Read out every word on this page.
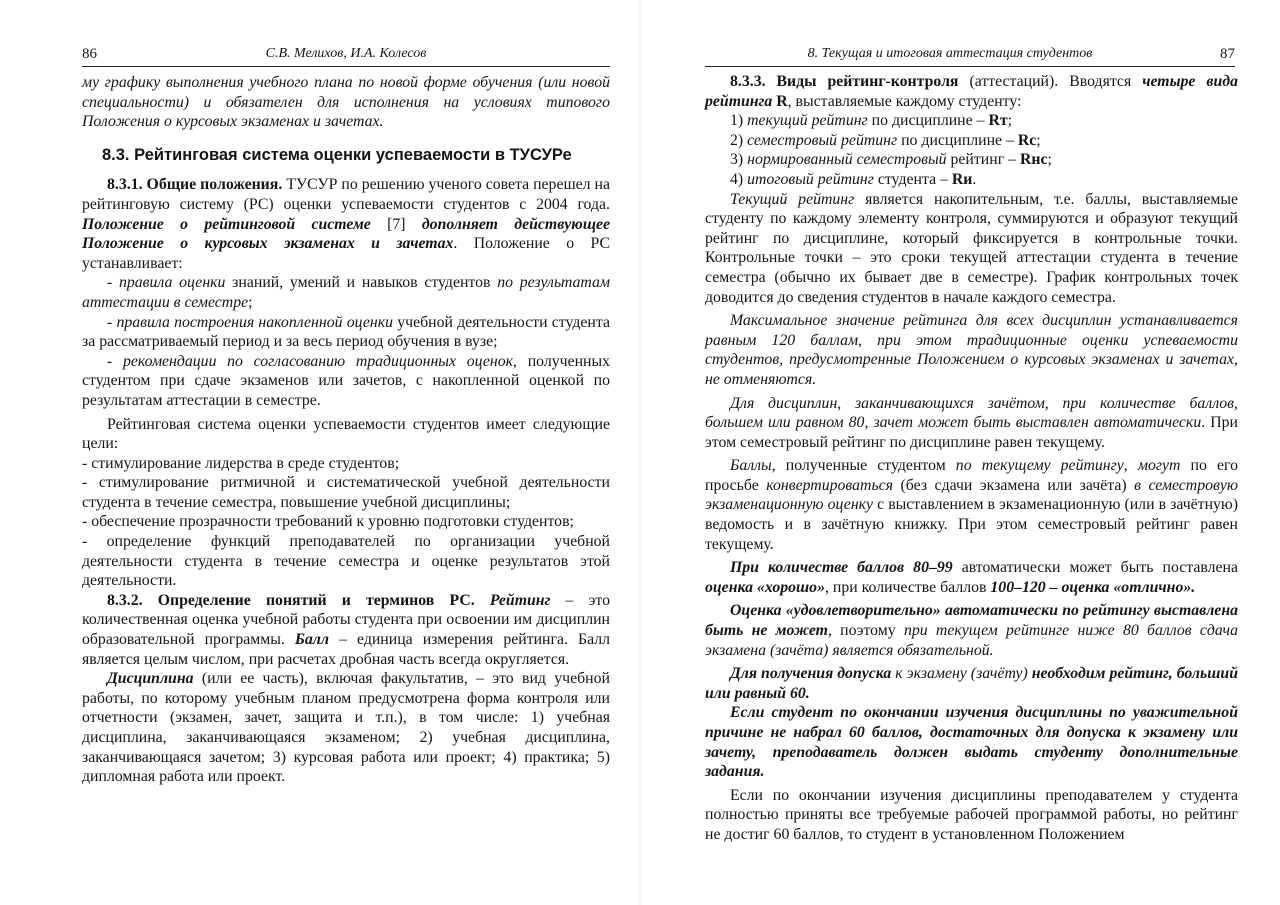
86	С.В. Мелихов, И.А. Колесов

му графику выполнения учебного плана по новой форме обучения (или новой специальности) и обязателен для исполнения на условиях типового Положения о курсовых экзаменах и зачетах.

8.3. Рейтинговая система оценки успеваемости в ТУСУРе

8.3.1. Общие положения. ТУСУР по решению ученого совета перешел на рейтинговую систему (РС) оценки успеваемости студентов с 2004 года. Положение о рейтинговой системе [7] дополняет действующее Положение о курсовых экзаменах и зачетах. Положение о РС устанавливает:

- правила оценки знаний, умений и навыков студентов по результатам аттестации в семестре;

- правила построения накопленной оценки учебной деятельности студента за рассматриваемый период и за весь период обучения в вузе;

- рекомендации по согласованию традиционных оценок, полученных студентом при сдаче экзаменов или зачетов, с накопленной оценкой по результатам аттестации в семестре.

Рейтинговая система оценки успеваемости студентов имеет следующие цели:

- стимулирование лидерства в среде студентов;

- стимулирование ритмичной и систематической учебной деятельности студента в течение семестра, повышение учебной дисциплины;

- обеспечение прозрачности требований к уровню подготовки студентов;

- определение функций преподавателей по организации учебной деятельности студента в течение семестра и оценке результатов этой деятельности.

8.3.2. Определение понятий и терминов РС. Рейтинг – это количественная оценка учебной работы студента при освоении им дисциплин образовательной программы. Балл – единица измерения рейтинга. Балл является целым числом, при расчетах дробная часть всегда округляется.

Дисциплина (или ее часть), включая факультатив, – это вид учебной работы, по которому учебным планом предусмотрена форма контроля или отчетности (экзамен, зачет, защита и т.п.), в том числе: 1) учебная дисциплина, заканчивающаяся экзаменом; 2) учебная дисциплина, заканчивающаяся зачетом; 3) курсовая работа или проект; 4) практика; 5) дипломная работа или проект.

8. Текущая и итоговая аттестация студентов	87

8.3.3. Виды рейтинг-контроля (аттестаций). Вводятся четыре вида рейтинга R, выставляемые каждому студенту:

1) текущий рейтинг по дисциплине – Rт;

2) семестровый рейтинг по дисциплине – Rс;

3) нормированный семестровый рейтинг – Rнс;

4) итоговый рейтинг студента – Rи.

Текущий рейтинг является накопительным, т.е. баллы, выставляемые студенту по каждому элементу контроля, суммируются и образуют текущий рейтинг по дисциплине, который фиксируется в контрольные точки. Контрольные точки – это сроки текущей аттестации студента в течение семестра (обычно их бывает две в семестре). График контрольных точек доводится до сведения студентов в начале каждого семестра.

Максимальное значение рейтинга для всех дисциплин устанавливается равным 120 баллам, при этом традиционные оценки успеваемости студентов, предусмотренные Положением о курсовых экзаменах и зачетах, не отменяются.

Для дисциплин, заканчивающихся зачётом, при количестве баллов, большем или равном 80, зачет может быть выставлен автоматически. При этом семестровый рейтинг по дисциплине равен текущему.

Баллы, полученные студентом по текущему рейтингу, могут по его просьбе конвертироваться (без сдачи экзамена или зачёта) в семестровую экзаменационную оценку с выставлением в экзаменационную (или в зачётную) ведомость и в зачётную книжку. При этом семестровый рейтинг равен текущему.

При количестве баллов 80–99 автоматически может быть поставлена оценка «хорошо», при количестве баллов 100–120 – оценка «отлично».

Оценка «удовлетворительно» автоматически по рейтингу выставлена быть не может, поэтому при текущем рейтинге ниже 80 баллов сдача экзамена (зачёта) является обязательной.

Для получения допуска к экзамену (зачёту) необходим рейтинг, больший или равный 60.

Если студент по окончании изучения дисциплины по уважительной причине не набрал 60 баллов, достаточных для допуска к экзамену или зачету, преподаватель должен выдать студенту дополнительные задания.

Если по окончании изучения дисциплины преподавателем у студента полностью приняты все требуемые рабочей программой работы, но рейтинг не достиг 60 баллов, то студент в установленном Положением
